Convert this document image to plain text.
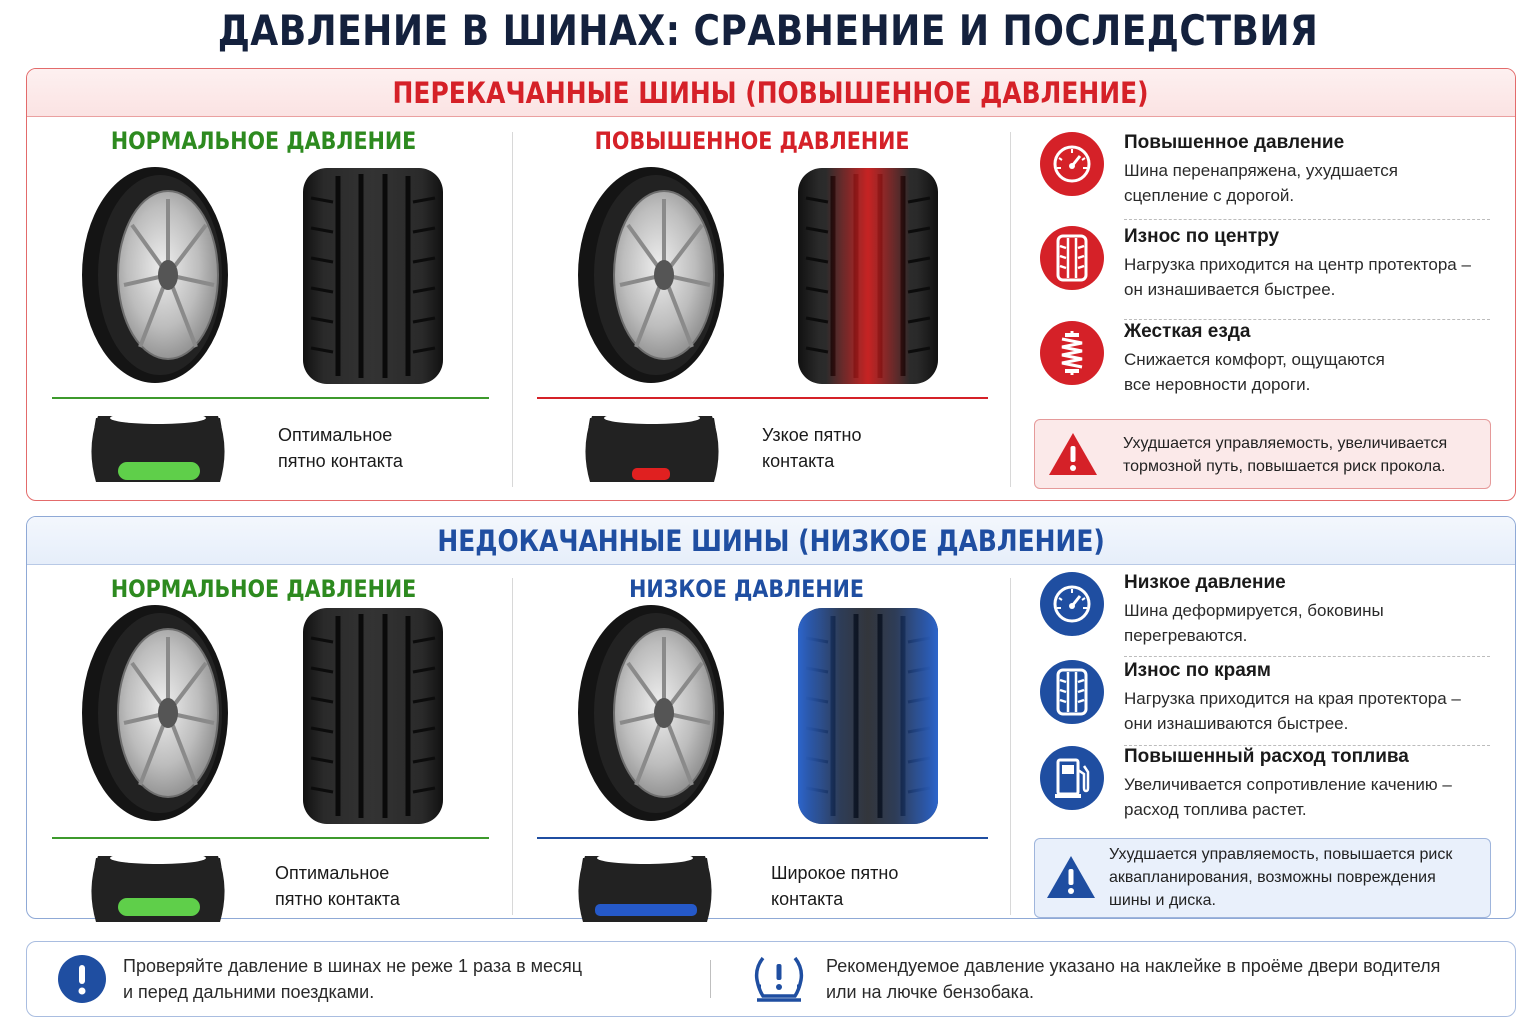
ДАВЛЕНИЕ В ШИНАХ: СРАВНЕНИЕ И ПОСЛЕДСТВИЯ
ПЕРЕКАЧАННЫЕ ШИНЫ (ПОВЫШЕННОЕ ДАВЛЕНИЕ)
НОРМАЛЬНОЕ ДАВЛЕНИЕ	ПОВЫШЕННОЕ ДАВЛЕНИЕ
Оптимальное
пятно контакта
Узкое пятно
контакта
Повышенное давление
Шина перенапряжена, ухудшается
сцепление с дорогой.
Износ по центру
Нагрузка приходится на центр протектора –
он изнашивается быстрее.
Жесткая езда
Снижается комфорт, ощущаются
все неровности дороги.
Ухудшается управляемость, увеличивается
тормозной путь, повышается риск прокола.
НЕДОКАЧАННЫЕ ШИНЫ (НИЗКОЕ ДАВЛЕНИЕ)
НОРМАЛЬНОЕ ДАВЛЕНИЕ	НИЗКОЕ ДАВЛЕНИЕ
Оптимальное
пятно контакта
Широкое пятно
контакта
Низкое давление
Шина деформируется, боковины
перегреваются.
Износ по краям
Нагрузка приходится на края протектора –
они изнашиваются быстрее.
Повышенный расход топлива
Увеличивается сопротивление качению –
расход топлива растет.
Ухудшается управляемость, повышается риск
аквапланирования, возможны повреждения
шины и диска.
Проверяйте давление в шинах не реже 1 раза в месяц
и перед дальними поездками.
Рекомендуемое давление указано на наклейке в проёме двери водителя
или на лючке бензобака.
